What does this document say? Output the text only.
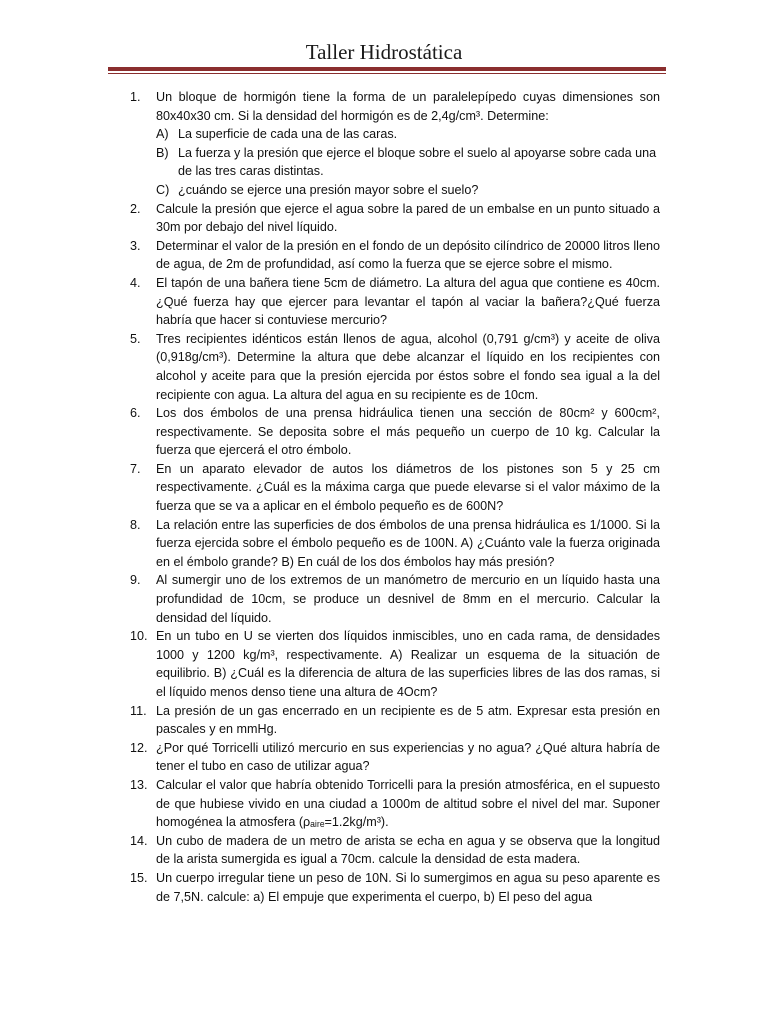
Taller Hidrostática
1. Un bloque de hormigón tiene la forma de un paralelepípedo cuyas dimensiones son 80x40x30 cm. Si la densidad del hormigón es de 2,4g/cm³. Determine:
A) La superficie de cada una de las caras.
B) La fuerza y la presión que ejerce el bloque sobre el suelo al apoyarse sobre cada una de las tres caras distintas.
C) ¿cuándo se ejerce una presión mayor sobre el suelo?
2. Calcule la presión que ejerce el agua sobre la pared de un embalse en un punto situado a 30m por debajo del nivel líquido.
3. Determinar el valor de la presión en el fondo de un depósito cilíndrico de 20000 litros lleno de agua, de 2m de profundidad, así como la fuerza que se ejerce sobre el mismo.
4. El tapón de una bañera tiene 5cm de diámetro. La altura del agua que contiene es 40cm. ¿Qué fuerza hay que ejercer para levantar el tapón al vaciar la bañera?¿Qué fuerza habría que hacer si contuviese mercurio?
5. Tres recipientes idénticos están llenos de agua, alcohol (0,791 g/cm³) y aceite de oliva (0,918g/cm³). Determine la altura que debe alcanzar el líquido en los recipientes con alcohol y aceite para que la presión ejercida por éstos sobre el fondo sea igual a la del recipiente con agua. La altura del agua en su recipiente es de 10cm.
6. Los dos émbolos de una prensa hidráulica tienen una sección de 80cm² y 600cm², respectivamente. Se deposita sobre el más pequeño un cuerpo de 10 kg. Calcular la fuerza que ejercerá el otro émbolo.
7. En un aparato elevador de autos los diámetros de los pistones son 5 y 25 cm respectivamente. ¿Cuál es la máxima carga que puede elevarse si el valor máximo de la fuerza que se va a aplicar en el émbolo pequeño es de 600N?
8. La relación entre las superficies de dos émbolos de una prensa hidráulica es 1/1000. Si la fuerza ejercida sobre el émbolo pequeño es de 100N. A) ¿Cuánto vale la fuerza originada en el émbolo grande? B) En cuál de los dos émbolos hay más presión?
9. Al sumergir uno de los extremos de un manómetro de mercurio en un líquido hasta una profundidad de 10cm, se produce un desnivel de 8mm en el mercurio. Calcular la densidad del líquido.
10. En un tubo en U se vierten dos líquidos inmiscibles, uno en cada rama, de densidades 1000 y 1200 kg/m³, respectivamente. A) Realizar un esquema de la situación de equilibrio. B) ¿Cuál es la diferencia de altura de las superficies libres de las dos ramas, si el líquido menos denso tiene una altura de 4Ocm?
11. La presión de un gas encerrado en un recipiente es de 5 atm. Expresar esta presión en pascales y en mmHg.
12. ¿Por qué Torricelli utilizó mercurio en sus experiencias y no agua? ¿Qué altura habría de tener el tubo en caso de utilizar agua?
13. Calcular el valor que habría obtenido Torricelli para la presión atmosférica, en el supuesto de que hubiese vivido en una ciudad a 1000m de altitud sobre el nivel del mar. Suponer homogénea la atmosfera (ρₐᵢᵣₑ=1.2kg/m³).
14. Un cubo de madera de un metro de arista se echa en agua y se observa que la longitud de la arista sumergida es igual a 70cm. calcule la densidad de esta madera.
15. Un cuerpo irregular tiene un peso de 10N. Si lo sumergimos en agua su peso aparente es de 7,5N. calcule: a) El empuje que experimenta el cuerpo, b) El peso del agua
